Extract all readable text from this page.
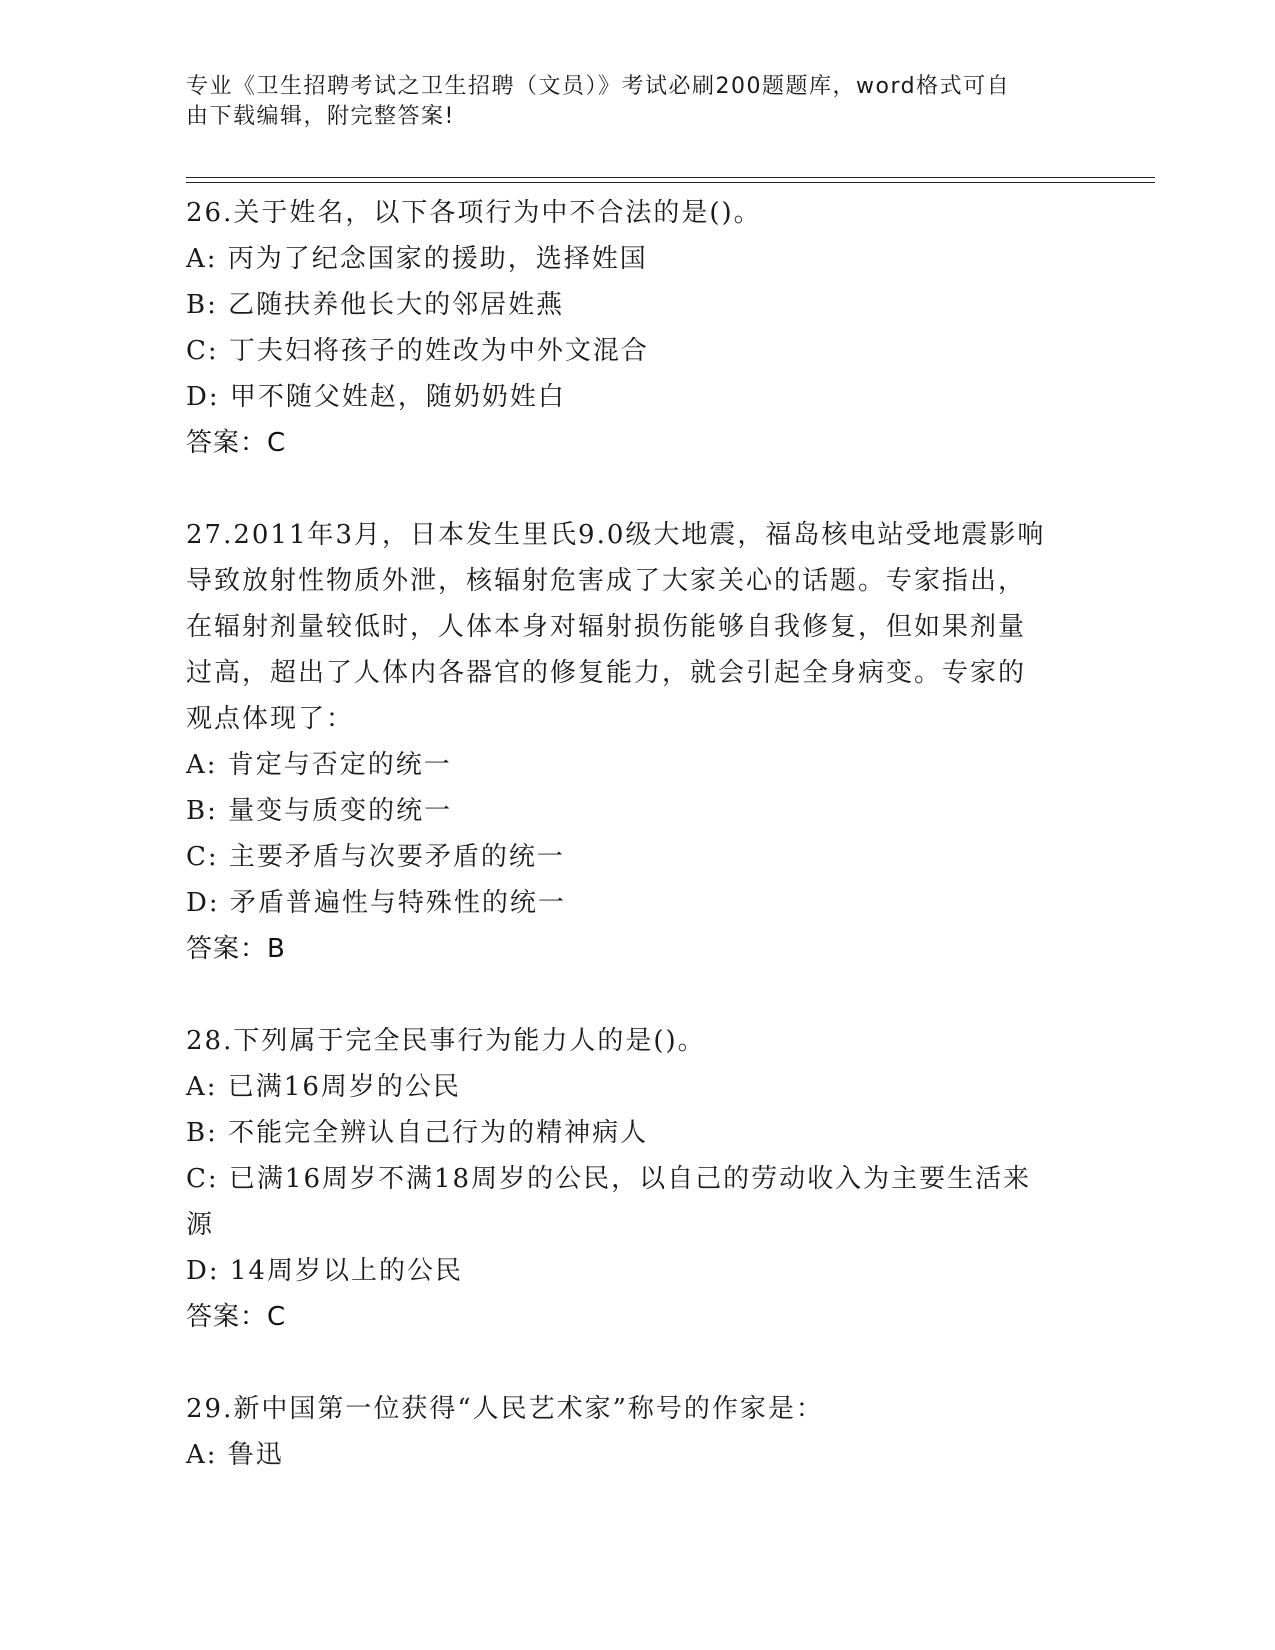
专业《卫生招聘考试之卫生招聘（文员）》考试必刷200题题库，word格式可自
由下载编辑，附完整答案!
26.关于姓名，以下各项行为中不合法的是()。
A: 丙为了纪念国家的援助，选择姓国
B: 乙随扶养他长大的邻居姓燕
C: 丁夫妇将孩子的姓改为中外文混合
D: 甲不随父姓赵，随奶奶姓白
答案：C
27.2011年3月，日本发生里氏9.0级大地震，福岛核电站受地震影响
导致放射性物质外泄，核辐射危害成了大家关心的话题。专家指出，
在辐射剂量较低时，人体本身对辐射损伤能够自我修复，但如果剂量
过高，超出了人体内各器官的修复能力，就会引起全身病变。专家的
观点体现了：
A: 肯定与否定的统一
B: 量变与质变的统一
C: 主要矛盾与次要矛盾的统一
D: 矛盾普遍性与特殊性的统一
答案：B
28.下列属于完全民事行为能力人的是()。
A: 已满16周岁的公民
B: 不能完全辨认自己行为的精神病人
C: 已满16周岁不满18周岁的公民，以自己的劳动收入为主要生活来
源
D: 14周岁以上的公民
答案：C
29.新中国第一位获得“人民艺术家”称号的作家是：
A: 鲁迅
